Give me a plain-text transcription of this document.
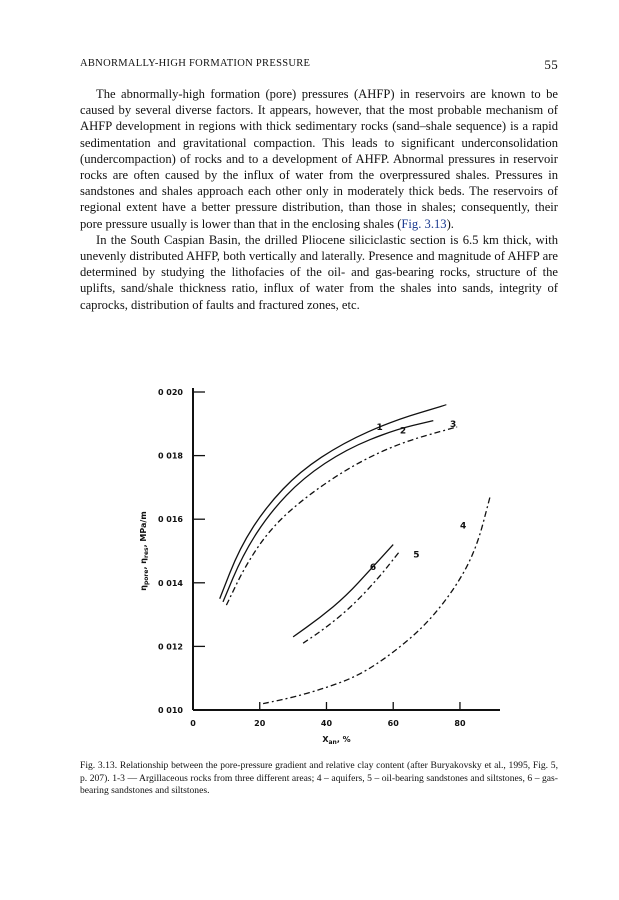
ABNORMALLY-HIGH FORMATION PRESSURE	55

The abnormally-high formation (pore) pressures (AHFP) in reservoirs are known to be caused by several diverse factors. It appears, however, that the most probable mechanism of AHFP development in regions with thick sedimentary rocks (sand–shale sequence) is a rapid sedimentation and gravitational compaction. This leads to significant underconsolidation (undercompaction) of rocks and to a development of AHFP. Abnormal pressures in reservoir rocks are often caused by the influx of water from the overpressured shales. Pressures in sandstones and shales approach each other only in moderately thick beds. The reservoirs of regional extent have a better pressure distribution, than those in shales; consequently, their pore pressure usually is lower than that in the enclosing shales (Fig. 3.13).

In the South Caspian Basin, the drilled Pliocene siliciclastic section is 6.5 km thick, with unevenly distributed AHFP, both vertically and laterally. Presence and magnitude of AHFP are determined by studying the lithofacies of the oil- and gas-bearing rocks, structure of the uplifts, sand/shale thickness ratio, influx of water from the shales into sands, integrity of caprocks, distribution of faults and fractured zones, etc.

0 010
0 012
0 014
0 016
0 018
0 020
0	20	40	60	80
1 2
3
4
5
6
$\eta_{pore}$, $\eta_{res}$, MPa/m
$X_{an}$, %
Fig. 3.13. Relationship between the pore-pressure gradient and relative clay content (after Buryakovsky et al., 1995, Fig. 5, p. 207). 1-3 — Argillaceous rocks from three different areas; 4 – aquifers, 5 – oil-bearing sandstones and siltstones, 6 – gas-bearing sandstones and siltstones.
